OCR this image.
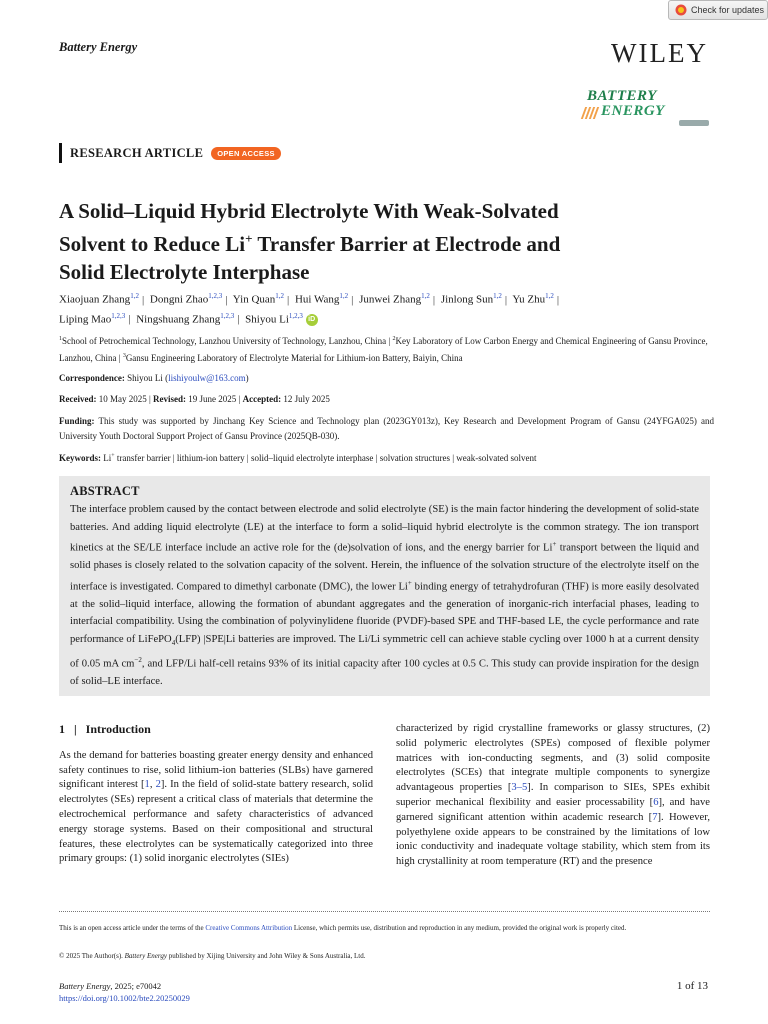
Check for updates
Battery Energy	WILEY
BATTERY
ENERGY
RESEARCH ARTICLE	OPEN ACCESS
A Solid–Liquid Hybrid Electrolyte With Weak-Solvated
Solvent to Reduce Li+ Transfer Barrier at Electrode and
Solid Electrolyte Interphase
Xiaojuan Zhang$^{1,2}$ | Dongni Zhao$^{1,2,3}$ | Yin Quan$^{1,2}$ | Hui Wang$^{1,2}$ | Junwei Zhang$^{1,2}$ | Jinlong Sun$^{1,2}$ | Yu Zhu$^{1,2}$ |
Liping Mao$^{1,2,3}$ | Ningshuang Zhang$^{1,2,3}$ | Shiyou Li$^{1,2,3}$ iD
$^1$School of Petrochemical Technology, Lanzhou University of Technology, Lanzhou, China | $^2$Key Laboratory of Low Carbon Energy and Chemical Engineering of Gansu Province, Lanzhou, China | $^3$Gansu Engineering Laboratory of Electrolyte Material for Lithium-ion Battery, Baiyin, China
Correspondence: Shiyou Li (lishiyoulw@163.com)
Received: 10 May 2025 | Revised: 19 June 2025 | Accepted: 12 July 2025
Funding: This study was supported by Jinchang Key Science and Technology plan (2023GY013z), Key Research and Development Program of Gansu (24YFGA025) and University Youth Doctoral Support Project of Gansu Province (2025QB-030).
Keywords: Li+ transfer barrier | lithium-ion battery | solid–liquid electrolyte interphase | solvation structures | weak-solvated solvent
ABSTRACT

The interface problem caused by the contact between electrode and solid electrolyte (SE) is the main factor hindering the development of solid-state batteries. And adding liquid electrolyte (LE) at the interface to form a solid–liquid hybrid electrolyte is the common strategy. The ion transport kinetics at the SE/LE interface include an active role for the (de)solvation of ions, and the energy barrier for Li+ transport between the liquid and solid phases is closely related to the solvation capacity of the solvent. Herein, the influence of the solvation structure of the electrolyte itself on the interface is investigated. Compared to dimethyl carbonate (DMC), the lower Li+ binding energy of tetrahydrofuran (THF) is more easily desolvated at the solid–liquid interface, allowing the formation of abundant aggregates and the generation of inorganic-rich interfacial phases, leading to interfacial compatibility. Using the combination of polyvinylidene fluoride (PVDF)-based SPE and THF-based LE, the cycle performance and rate performance of LiFePO$_4$(LFP) |SPE|Li batteries are improved. The Li/Li symmetric cell can achieve stable cycling over 1000 h at a current density of 0.05 mA $cm^{-2}$, and LFP/Li half-cell retains 93% of its initial capacity after 100 cycles at 0.5 C. This study can provide inspiration for the design of solid–LE interface.

1 | Introduction

As the demand for batteries boasting greater energy density and enhanced safety continues to rise, solid lithium-ion batteries (SLBs) have garnered significant interest [1, 2]. In the field of solid-state battery research, solid electrolytes (SEs) represent a critical class of materials that determine the electrochemical performance and safety characteristics of advanced energy storage systems. Based on their compositional and structural features, these electrolytes can be systematically categorized into three primary groups: (1) solid inorganic electrolytes (SIEs)

characterized by rigid crystalline frameworks or glassy structures, (2) solid polymeric electrolytes (SPEs) composed of flexible polymer matrices with ion-conducting segments, and (3) solid composite electrolytes (SCEs) that integrate multiple components to synergize advantageous properties [3–5]. In comparison to SIEs, SPEs exhibit superior mechanical flexibility and easier processability [6], and have garnered significant attention within academic research [7]. However, polyethylene oxide appears to be constrained by the limitations of low ionic conductivity and inadequate voltage stability, which stem from its high crystallinity at room temperature (RT) and the presence

This is an open access article under the terms of the Creative Commons Attribution License, which permits use, distribution and reproduction in any medium, provided the original work is properly cited.
© 2025 The Author(s). Battery Energy published by Xijing University and John Wiley & Sons Australia, Ltd.
Battery Energy, 2025; e70042
https://doi.org/10.1002/bte2.20250029
1 of 13
